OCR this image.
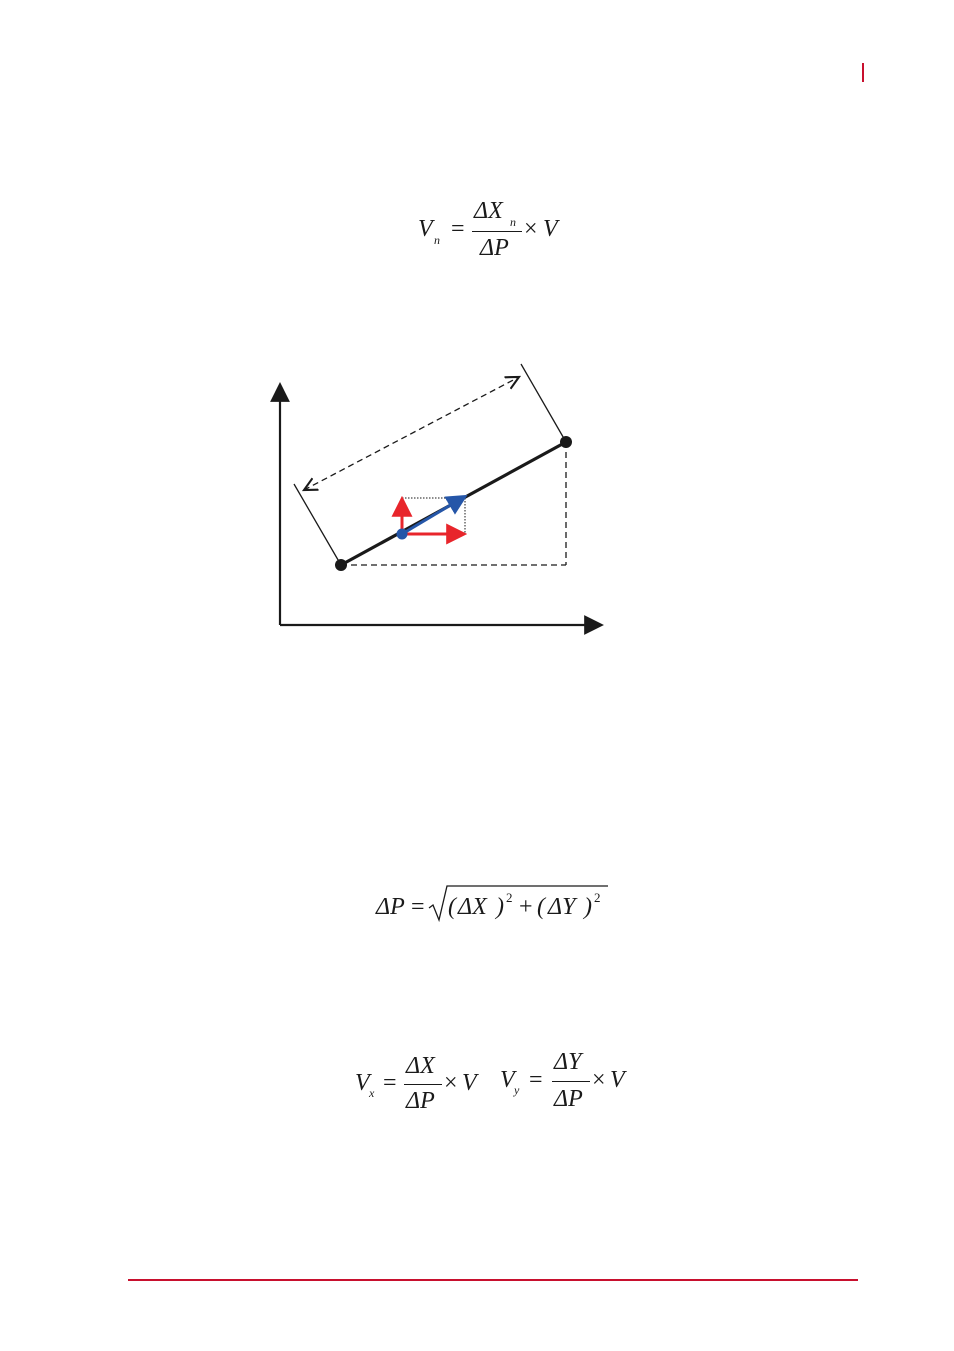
V n =
ΔX n
ΔP
× V
ΔP = ( ΔX ) 2 + ( ΔY ) 2
V x =
ΔX
ΔP
× V V y =
ΔY
ΔP
× V
